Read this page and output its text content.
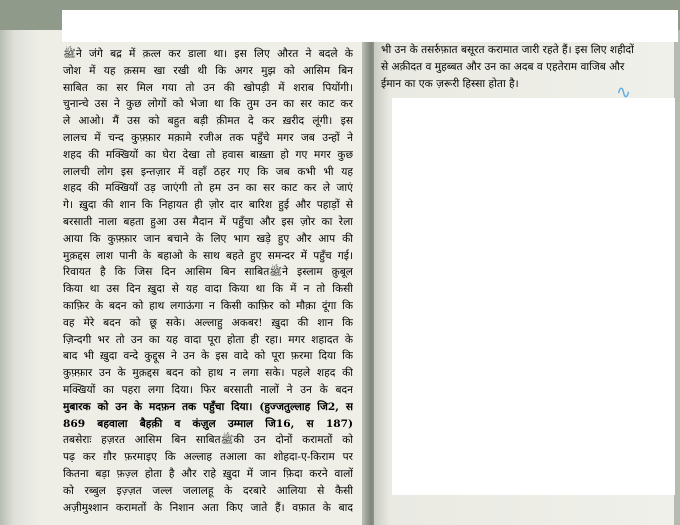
ﷺने जंगे बद्र में क़त्ल कर डाला था। इस लिए औरत ने बदले के
जोश में यह क़सम खा रखी थी कि अगर मुझ को आसिम बिन
साबित का सर मिल गया तो उन की खोपड़ी में शराब पियोंगी।
चुनान्चे उस ने कुछ लोगों को भेजा था कि तुम उन का सर काट कर
ले आओ। मैं उस को बहुत बड़ी क़ीमत दे कर ख़रीद लूंगी। इस
लालच में चन्द कुफ़्फ़ार मक़ामे रजीअ तक पहुँचे मगर जब उन्हों ने
शहद की मक्खियों का घेरा देखा तो हवास बाख़्ता हो गए मगर कुछ
लालची लोग इस इन्तज़ार में वहाँ ठहर गए कि जब कभी भी यह
शहद की मक्खियाँ उड़ जाएंगी तो हम उन का सर काट कर ले जाएं
गे। ख़ुदा की शान कि निहायत ही ज़ोर दार बारिश हुई और पहाड़ों से
बरसाती नाला बहता हुआ उस मैदान में पहुँचा और इस ज़ोर का रेला
आया कि कुफ़्फ़ार जान बचाने के लिए भाग खड़े हुए और आप की
मुक़द्दस लाश पानी के बहाओ के साथ बहते हुए समन्दर में पहुँच गई।
रिवायत है कि जिस दिन आसिम बिन साबितﷺने इस्लाम क़ुबूल
किया था उस दिन ख़ुदा से यह वादा किया था कि में न तो किसी
काफ़िर के बदन को हाथ लगाऊंगा न किसी काफ़िर को मौक़ा दूंगा कि
वह मेरे बदन को छू सके। अल्लाहु अकबर! ख़ुदा की शान कि
ज़िन्दगी भर तो उन का यह वादा पूरा होता ही रहा। मगर शहादत के
बाद भी ख़ुदा वन्दे कुद्दूस ने उन के इस वादे को पूरा फ़रमा दिया कि
कुफ़्फ़ार उन के मुक़द्दस बदन को हाथ न लगा सके। पहले शहद की
मक्खियों का पहरा लगा दिया। फिर बरसाती नालों ने उन के बदन
मुबारक को उन के मदफ़न तक पहुँचा दिया। (हुज्जतुल्लाह जि2, स
869 बहवाला बैहक़ी व कंज़ुल उम्माल जि16, स 187)
तबसेराः हज़रत आसिम बिन साबितﷺकी उन दोनों करामतों को
पढ़ कर ग़ौर फ़रमाइए कि अल्लाह तआला का शोहदा-ए-किराम पर
कितना बड़ा फ़ज़्ल होता है और राहे ख़ुदा में जान फ़िदा करने वालों
को रब्बुल इज़्ज़त जल्ल जलालहू के दरबारे आलिया से कैसी
अज़ीमुश्शान करामतों के निशान अता किए जाते हैं। वफ़ात के बाद
भी उन के तसर्रुफ़ात बसूरत करामात जारी रहते हैं। इस लिए शहीदों
से अक़ीदत व मुहब्बत और उन का अदब व एहतेराम वाजिब और
ईमान का एक ज़रूरी हिस्सा होता है।	∿
